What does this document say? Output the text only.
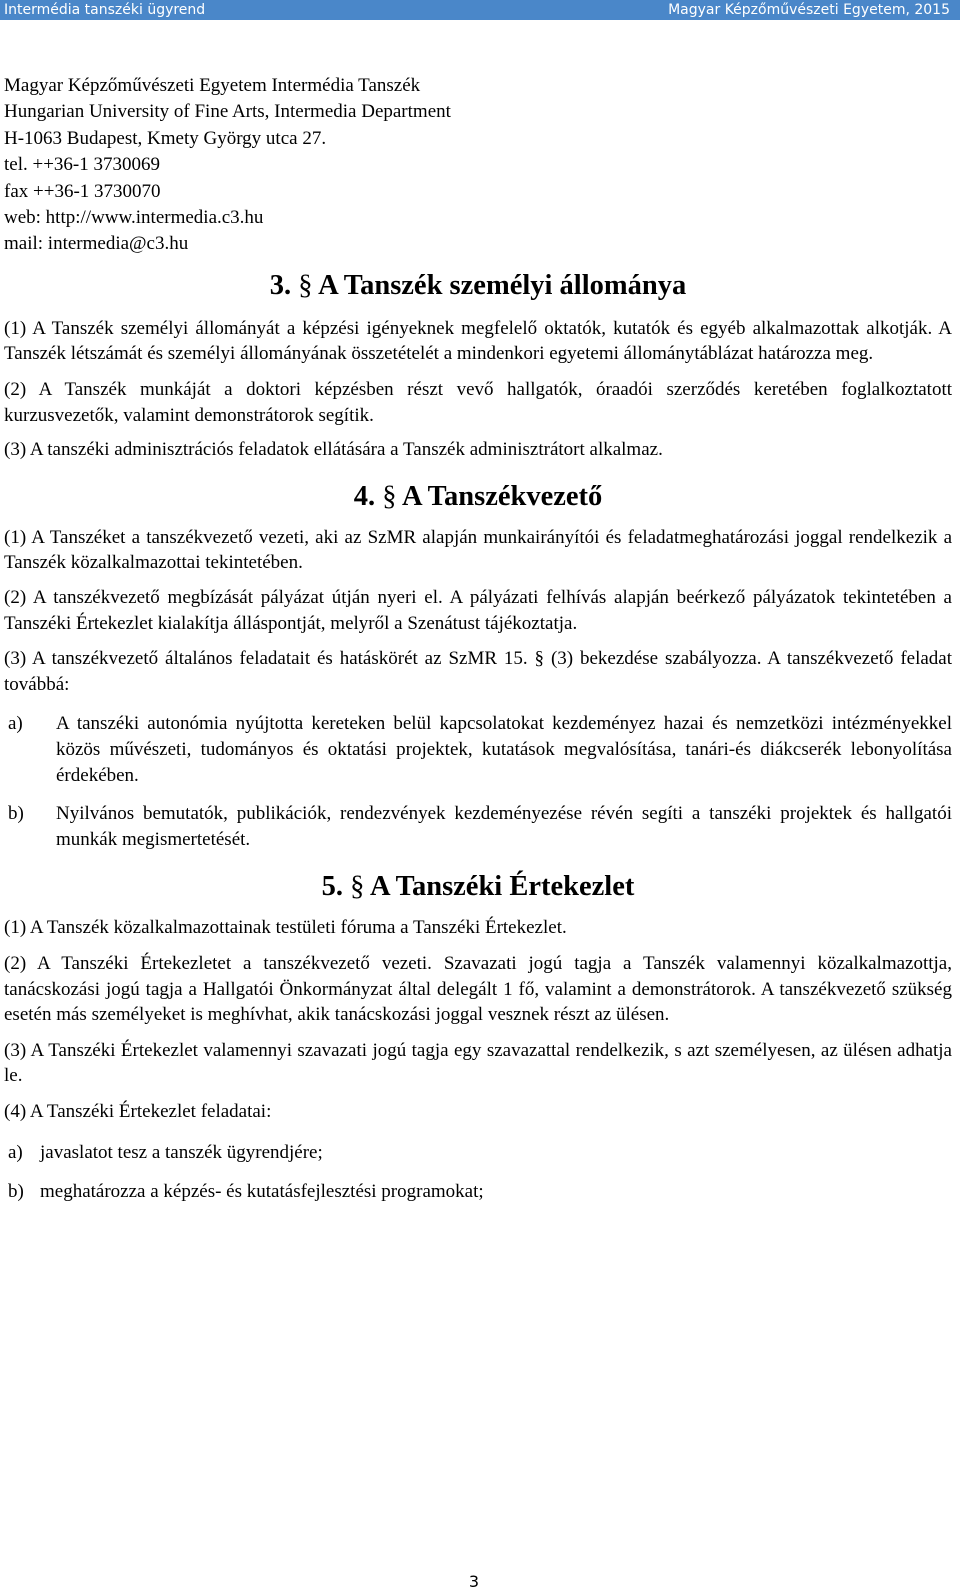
Intermédia tanszéki ügyrend	Magyar Képzőművészeti Egyetem, 2015

Magyar Képzőművészeti Egyetem Intermédia Tanszék

Hungarian University of Fine Arts, Intermedia Department

H-1063 Budapest, Kmety György utca 27.

tel. ++36-1 3730069

fax ++36-1 3730070

web: http://www.intermedia.c3.hu

mail: intermedia@c3.hu

3. § A Tanszék személyi állománya

(1) A Tanszék személyi állományát a képzési igényeknek megfelelő oktatók, kutatók és egyéb alkalmazottak alkotják. A Tanszék létszámát és személyi állományának összetételét a mindenkori egyetemi állománytáblázat határozza meg.

(2) A Tanszék munkáját a doktori képzésben részt vevő hallgatók, óraadói szerződés keretében foglalkoztatott kurzusvezetők, valamint demonstrátorok segítik.

(3) A tanszéki adminisztrációs feladatok ellátására a Tanszék adminisztrátort alkalmaz.

4. § A Tanszékvezető

(1) A Tanszéket a tanszékvezető vezeti, aki az SzMR alapján munkairányítói és feladatmeghatározási joggal rendelkezik a Tanszék közalkalmazottai tekintetében.

(2) A tanszékvezető megbízását pályázat útján nyeri el. A pályázati felhívás alapján beérkező pályázatok tekintetében a Tanszéki Értekezlet kialakítja álláspontját, melyről a Szenátust tájékoztatja.

(3) A tanszékvezető általános feladatait és hatáskörét az SzMR 15. § (3) bekezdése szabályozza. A tanszékvezető feladat továbbá:

a)	A tanszéki autonómia nyújtotta kereteken belül kapcsolatokat kezdeményez hazai és nemzetközi intézményekkel közös művészeti, tudományos és oktatási projektek, kutatások megvalósítása, tanári-és diákcserék lebonyolítása érdekében.
b)	Nyilvános bemutatók, publikációk, rendezvények kezdeményezése révén segíti a tanszéki projektek és hallgatói munkák megismertetését.
5. § A Tanszéki Értekezlet

(1) A Tanszék közalkalmazottainak testületi fóruma a Tanszéki Értekezlet.

(2) A Tanszéki Értekezletet a tanszékvezető vezeti. Szavazati jogú tagja a Tanszék valamennyi közalkalmazottja, tanácskozási jogú tagja a Hallgatói Önkormányzat által delegált 1 fő, valamint a demonstrátorok. A tanszékvezető szükség esetén más személyeket is meghívhat, akik tanácskozási joggal vesznek részt az ülésen.

(3) A Tanszéki Értekezlet valamennyi szavazati jogú tagja egy szavazattal rendelkezik, s azt személyesen, az ülésen adhatja le.

(4) A Tanszéki Értekezlet feladatai:

a) javaslatot tesz a tanszék ügyrendjére;
b) meghatározza a képzés- és kutatásfejlesztési programokat;
3
